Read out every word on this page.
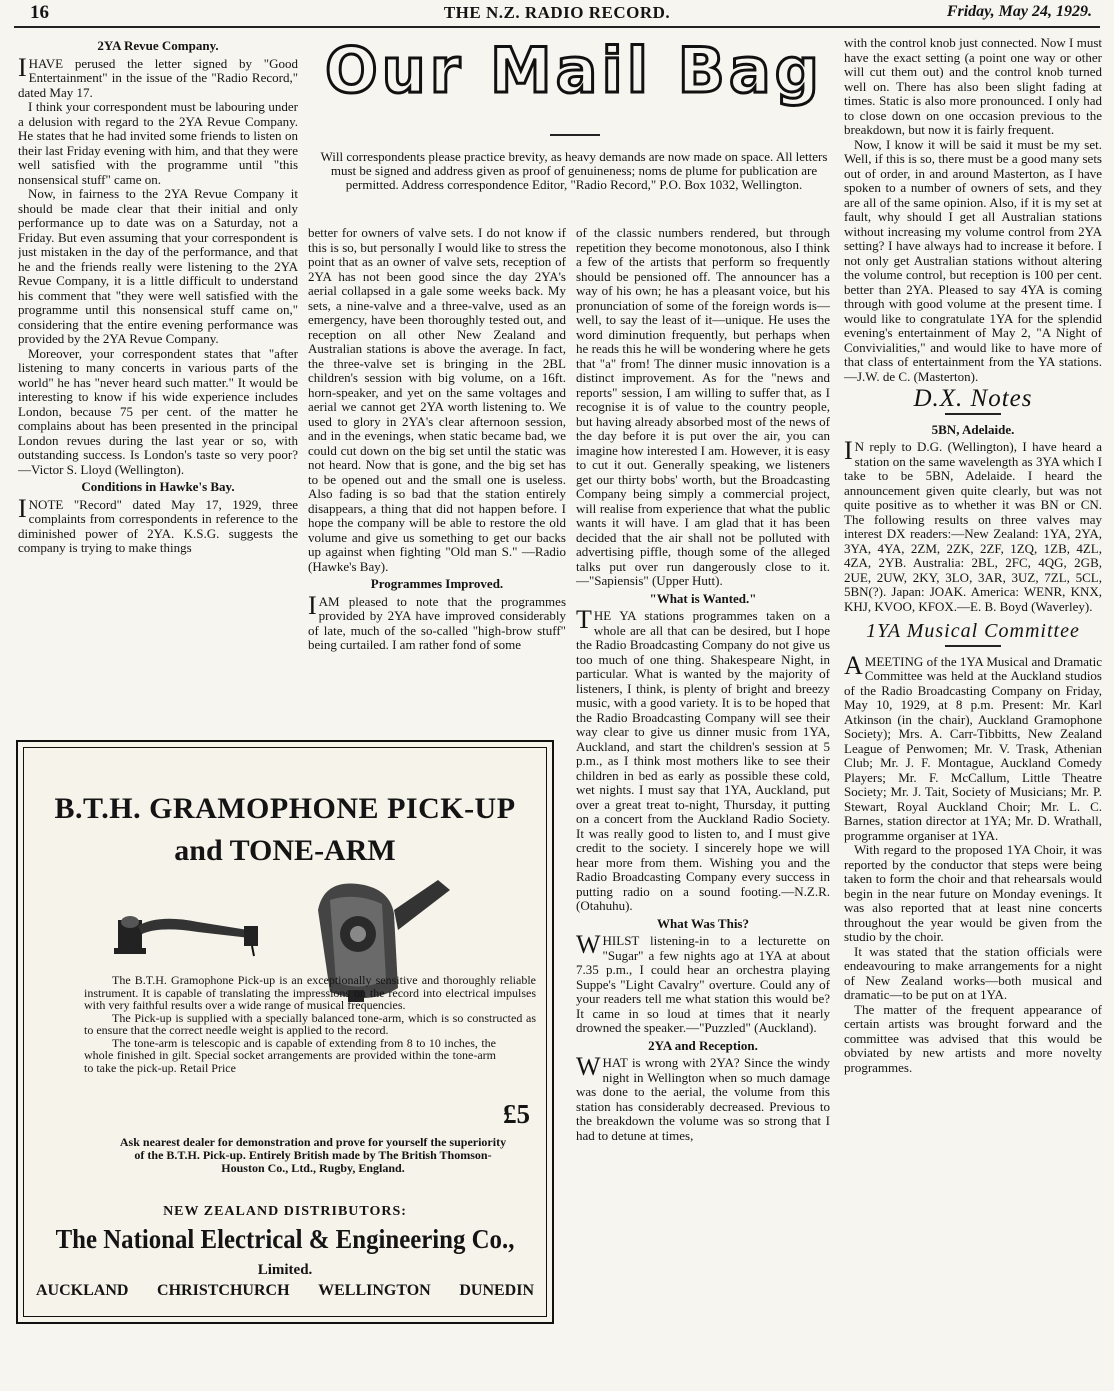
16	THE N.Z. RADIO RECORD.	Friday, May 24, 1929.
2YA Revue Company.

IHAVE perused the letter signed by "Good Entertainment" in the issue of the "Radio Record," dated May 17.

I think your correspondent must be labouring under a delusion with regard to the 2YA Revue Company. He states that he had invited some friends to listen on their last Friday evening with him, and that they were well satisfied with the programme until "this nonsensical stuff" came on.

Now, in fairness to the 2YA Revue Company it should be made clear that their initial and only performance up to date was on a Saturday, not a Friday. But even assuming that your correspondent is just mistaken in the day of the performance, and that he and the friends really were listening to the 2YA Revue Company, it is a little difficult to understand his comment that "they were well satisfied with the programme until this nonsensical stuff came on," considering that the entire evening performance was provided by the 2YA Revue Company.

Moreover, your correspondent states that "after listening to many concerts in various parts of the world" he has "never heard such matter." It would be interesting to know if his wide experience includes London, because 75 per cent. of the matter he complains about has been presented in the principal London revues during the last year or so, with outstanding success. Is London's taste so very poor?—Victor S. Lloyd (Wellington).

Conditions in Hawke's Bay.

INOTE "Record" dated May 17, 1929, three complaints from correspondents in reference to the diminished power of 2YA. K.S.G. suggests the company is trying to make things

Our Mail Bag
Will correspondents please practice brevity, as heavy demands are now made on space. All letters must be signed and address given as proof of genuineness; noms de plume for publication are permitted. Address correspondence Editor, "Radio Record," P.O. Box 1032, Wellington.

better for owners of valve sets. I do not know if this is so, but personally I would like to stress the point that as an owner of valve sets, reception of 2YA has not been good since the day 2YA's aerial collapsed in a gale some weeks back. My sets, a nine-valve and a three-valve, used as an emergency, have been thoroughly tested out, and reception on all other New Zealand and Australian stations is above the average. In fact, the three-valve set is bringing in the 2BL children's session with big volume, on a 16ft. horn-speaker, and yet on the same voltages and aerial we cannot get 2YA worth listening to. We used to glory in 2YA's clear afternoon session, and in the evenings, when static became bad, we could cut down on the big set until the static was not heard. Now that is gone, and the big set has to be opened out and the small one is useless. Also fading is so bad that the station entirely disappears, a thing that did not happen before. I hope the company will be able to restore the old volume and give us something to get our backs up against when fighting "Old man S." —Radio (Hawke's Bay).

Programmes Improved.

IAM pleased to note that the programmes provided by 2YA have improved considerably of late, much of the so-called "high-brow stuff" being curtailed. I am rather fond of some

of the classic numbers rendered, but through repetition they become monotonous, also I think a few of the artists that perform so frequently should be pensioned off. The announcer has a way of his own; he has a pleasant voice, but his pronunciation of some of the foreign words is—well, to say the least of it—unique. He uses the word diminution frequently, but perhaps when he reads this he will be wondering where he gets that "a" from! The dinner music innovation is a distinct improvement. As for the "news and reports" session, I am willing to suffer that, as I recognise it is of value to the country people, but having already absorbed most of the news of the day before it is put over the air, you can imagine how interested I am. However, it is easy to cut it out. Generally speaking, we listeners get our thirty bobs' worth, but the Broadcasting Company being simply a commercial project, will realise from experience that what the public wants it will have. I am glad that it has been decided that the air shall not be polluted with advertising piffle, though some of the alleged talks put over run dangerously close to it.—"Sapiensis" (Upper Hutt).

"What is Wanted."

THE YA stations programmes taken on a whole are all that can be desired, but I hope the Radio Broadcasting Company do not give us too much of one thing. Shakespeare Night, in particular. What is wanted by the majority of listeners, I think, is plenty of bright and breezy music, with a good variety. It is to be hoped that the Radio Broadcasting Company will see their way clear to give us dinner music from 1YA, Auckland, and start the children's session at 5 p.m., as I think most mothers like to see their children in bed as early as possible these cold, wet nights. I must say that 1YA, Auckland, put over a great treat to-night, Thursday, it putting on a concert from the Auckland Radio Society. It was really good to listen to, and I must give credit to the society. I sincerely hope we will hear more from them. Wishing you and the Radio Broadcasting Company every success in putting radio on a sound footing.—N.Z.R. (Otahuhu).

What Was This?

WHILST listening-in to a lecturette on "Sugar" a few nights ago at 1YA at about 7.35 p.m., I could hear an orchestra playing Suppe's "Light Cavalry" overture. Could any of your readers tell me what station this would be? It came in so loud at times that it nearly drowned the speaker.—"Puzzled" (Auckland).

2YA and Reception.

WHAT is wrong with 2YA? Since the windy night in Wellington when so much damage was done to the aerial, the volume from this station has considerably decreased. Previous to the breakdown the volume was so strong that I had to detune at times,

with the control knob just connected. Now I must have the exact setting (a point one way or other will cut them out) and the control knob turned well on. There has also been slight fading at times. Static is also more pronounced. I only had to close down on one occasion previous to the breakdown, but now it is fairly frequent.

Now, I know it will be said it must be my set. Well, if this is so, there must be a good many sets out of order, in and around Masterton, as I have spoken to a number of owners of sets, and they are all of the same opinion. Also, if it is my set at fault, why should I get all Australian stations without increasing my volume control from 2YA setting? I have always had to increase it before. I not only get Australian stations without altering the volume control, but reception is 100 per cent. better than 2YA. Pleased to say 4YA is coming through with good volume at the present time. I would like to congratulate 1YA for the splendid evening's entertainment of May 2, "A Night of Convivialities," and would like to have more of that class of entertainment from the YA stations.—J.W. de C. (Masterton).

D.X. Notes
5BN, Adelaide.

I N reply to D.G. (Wellington), I have heard a station on the same wavelength as 3YA which I take to be 5BN, Adelaide. I heard the announcement given quite clearly, but was not quite positive as to whether it was BN or CN. The following results on three valves may interest DX readers:—New Zealand: 1YA, 2YA, 3YA, 4YA, 2ZM, 2ZK, 2ZF, 1ZQ, 1ZB, 4ZL, 4ZA, 2YB. Australia: 2BL, 2FC, 4QG, 2GB, 2UE, 2UW, 2KY, 3LO, 3AR, 3UZ, 7ZL, 5CL, 5BN(?). Japan: JOAK. America: WENR, KNX, KHJ, KVOO, KFOX.—E. B. Boyd (Waverley).

1YA Musical Committee

AMEETING of the 1YA Musical and Dramatic Committee was held at the Auckland studios of the Radio Broadcasting Company on Friday, May 10, 1929, at 8 p.m. Present: Mr. Karl Atkinson (in the chair), Auckland Gramophone Society); Mrs. A. Carr-Tibbitts, New Zealand League of Penwomen; Mr. V. Trask, Athenian Club; Mr. J. F. Montague, Auckland Comedy Players; Mr. F. McCallum, Little Theatre Society; Mr. J. Tait, Society of Musicians; Mr. P. Stewart, Royal Auckland Choir; Mr. L. C. Barnes, station director at 1YA; Mr. D. Wrathall, programme organiser at 1YA.

With regard to the proposed 1YA Choir, it was reported by the conductor that steps were being taken to form the choir and that rehearsals would begin in the near future on Monday evenings. It was also reported that at least nine concerts throughout the year would be given from the studio by the choir.

It was stated that the station officials were endeavouring to make arrangements for a night of New Zealand works—both musical and dramatic—to be put on at 1YA.

The matter of the frequent appearance of certain artists was brought forward and the committee was advised that this would be obviated by new artists and more novelty programmes.

B.T.H. GRAMOPHONE PICK-UP
and TONE-ARM

The B.T.H. Gramophone Pick-up is an exceptionally sensitive and thoroughly reliable instrument. It is capable of translating the impressions on the record into electrical impulses with very faithful results over a wide range of musical frequencies.

The Pick-up is supplied with a specially balanced tone-arm, which is so constructed as to ensure that the correct needle weight is applied to the record.

The tone-arm is telescopic and is capable of extending from 8 to 10 inches, the whole finished in gilt. Special socket arrangements are provided within the tone-arm to take the pick-up. Retail Price

£5
Ask nearest dealer for demonstration and prove for yourself the superiority of the B.T.H. Pick-up. Entirely British made by The British Thomson-Houston Co., Ltd., Rugby, England.
NEW ZEALAND DISTRIBUTORS:
The National Electrical & Engineering Co.,
Limited.
AUCKLAND CHRISTCHURCH WELLINGTON DUNEDIN
